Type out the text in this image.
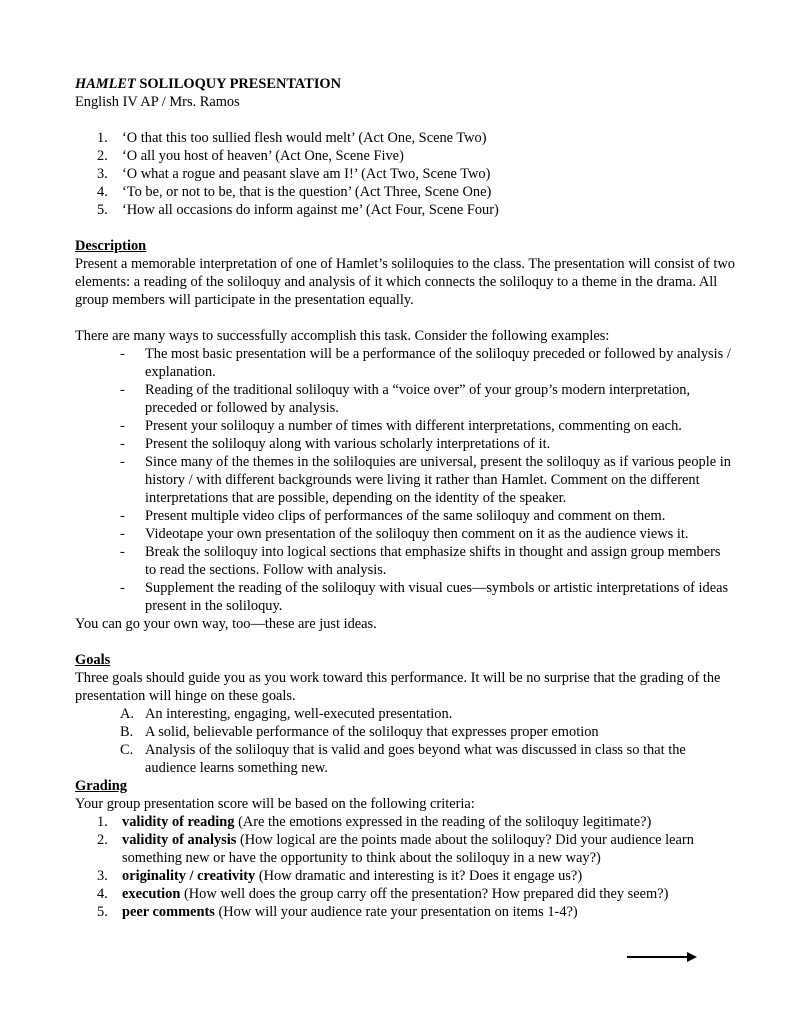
HAMLET SOLILOQUY PRESENTATION
English IV AP / Mrs. Ramos
1. ‘O that this too sullied flesh would melt’ (Act One, Scene Two)
2. ‘O all you host of heaven’ (Act One, Scene Five)
3. ‘O what a rogue and peasant slave am I!’ (Act Two, Scene Two)
4. ‘To be, or not to be, that is the question’ (Act Three, Scene One)
5. ‘How all occasions do inform against me’ (Act Four, Scene Four)
Description
Present a memorable interpretation of one of Hamlet’s soliloquies to the class. The presentation will consist of two elements: a reading of the soliloquy and analysis of it which connects the soliloquy to a theme in the drama. All group members will participate in the presentation equally.
There are many ways to successfully accomplish this task. Consider the following examples:
- The most basic presentation will be a performance of the soliloquy preceded or followed by analysis / explanation.
- Reading of the traditional soliloquy with a “voice over” of your group’s modern interpretation, preceded or followed by analysis.
- Present your soliloquy a number of times with different interpretations, commenting on each.
- Present the soliloquy along with various scholarly interpretations of it.
- Since many of the themes in the soliloquies are universal, present the soliloquy as if various people in history / with different backgrounds were living it rather than Hamlet. Comment on the different interpretations that are possible, depending on the identity of the speaker.
- Present multiple video clips of performances of the same soliloquy and comment on them.
- Videotape your own presentation of the soliloquy then comment on it as the audience views it.
- Break the soliloquy into logical sections that emphasize shifts in thought and assign group members to read the sections. Follow with analysis.
- Supplement the reading of the soliloquy with visual cues—symbols or artistic interpretations of ideas present in the soliloquy.
You can go your own way, too—these are just ideas.
Goals
Three goals should guide you as you work toward this performance. It will be no surprise that the grading of the presentation will hinge on these goals.
A. An interesting, engaging, well-executed presentation.
B. A solid, believable performance of the soliloquy that expresses proper emotion
C. Analysis of the soliloquy that is valid and goes beyond what was discussed in class so that the audience learns something new.
Grading
Your group presentation score will be based on the following criteria:
1. validity of reading (Are the emotions expressed in the reading of the soliloquy legitimate?)
2. validity of analysis (How logical are the points made about the soliloquy? Did your audience learn something new or have the opportunity to think about the soliloquy in a new way?)
3. originality / creativity (How dramatic and interesting is it? Does it engage us?)
4. execution (How well does the group carry off the presentation? How prepared did they seem?)
5. peer comments (How will your audience rate your presentation on items 1-4?)
